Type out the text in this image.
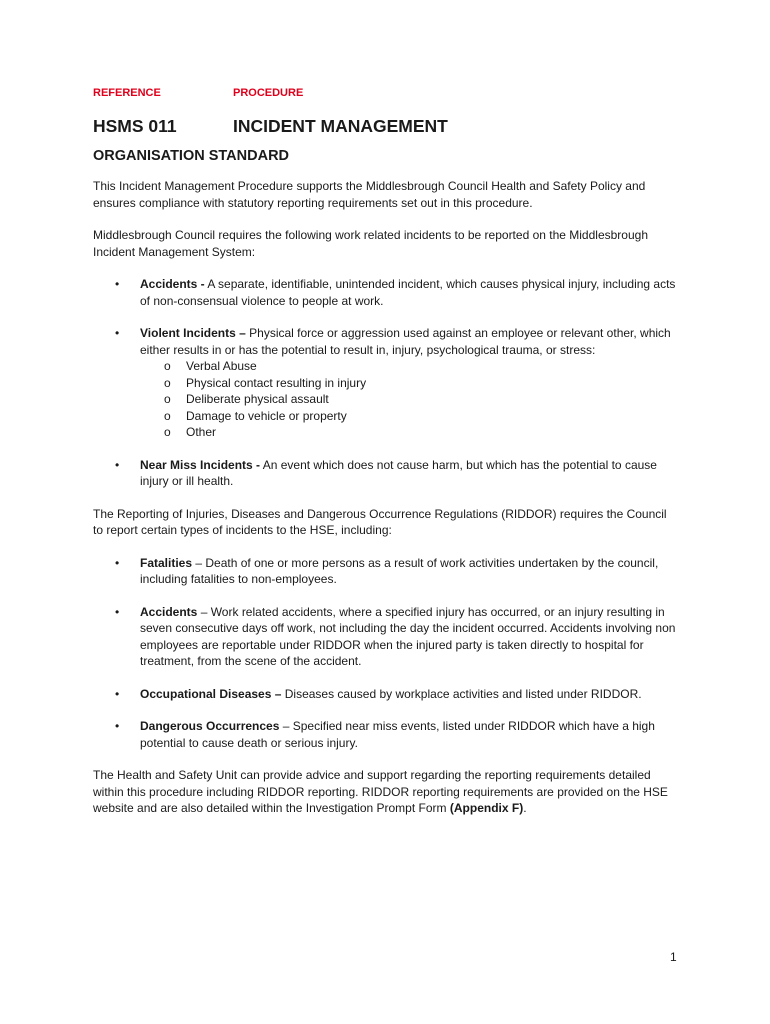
REFERENCE	PROCEDURE
HSMS 011	INCIDENT MANAGEMENT
ORGANISATION STANDARD

This Incident Management Procedure supports the Middlesbrough Council Health and Safety Policy and ensures compliance with statutory reporting requirements set out in this procedure.

Middlesbrough Council requires the following work related incidents to be reported on the Middlesbrough Incident Management System:

• Accidents - A separate, identifiable, unintended incident, which causes physical injury, including acts of non-consensual violence to people at work.
• Violent Incidents – Physical force or aggression used against an employee or relevant other, which either results in or has the potential to result in, injury, psychological trauma, or stress:
o Verbal Abuse
o Physical contact resulting in injury
o Deliberate physical assault
o Damage to vehicle or property
o Other
• Near Miss Incidents - An event which does not cause harm, but which has the potential to cause injury or ill health.

The Reporting of Injuries, Diseases and Dangerous Occurrence Regulations (RIDDOR) requires the Council to report certain types of incidents to the HSE, including:

• Fatalities – Death of one or more persons as a result of work activities undertaken by the council, including fatalities to non-employees.
• Accidents – Work related accidents, where a specified injury has occurred, or an injury resulting in seven consecutive days off work, not including the day the incident occurred. Accidents involving non employees are reportable under RIDDOR when the injured party is taken directly to hospital for treatment, from the scene of the accident.
• Occupational Diseases – Diseases caused by workplace activities and listed under RIDDOR.
• Dangerous Occurrences – Specified near miss events, listed under RIDDOR which have a high potential to cause death or serious injury.

The Health and Safety Unit can provide advice and support regarding the reporting requirements detailed within this procedure including RIDDOR reporting. RIDDOR reporting requirements are provided on the HSE website and are also detailed within the Investigation Prompt Form (Appendix F).

1
